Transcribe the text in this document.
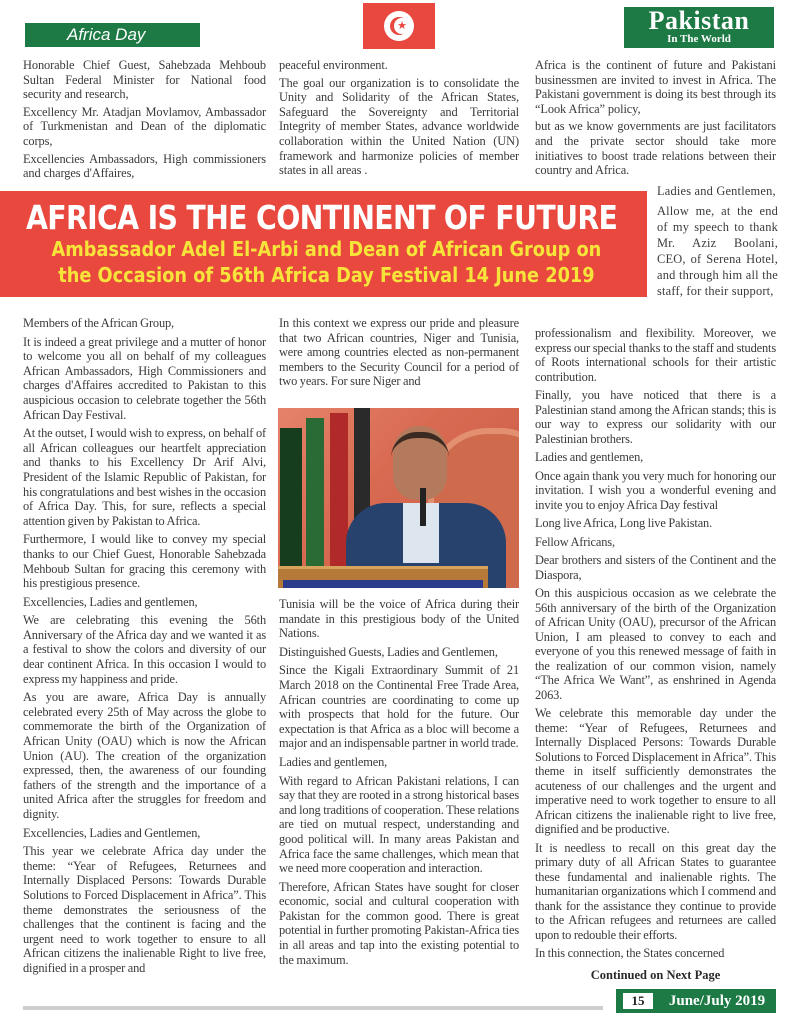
Africa Day	★	Pakistan
In The World

Honorable Chief Guest, Sahebzada Mehboub Sultan Federal Minister for National food security and research,

Excellency Mr. Atadjan Movlamov, Ambassador of Turkmenistan and Dean of the diplomatic corps,

Excellencies Ambassadors, High commissioners and charges d'Affaires,

peaceful environment.

The goal our organization is to consolidate the Unity and Solidarity of the African States, Safeguard the Sovereignty and Territorial Integrity of member States, advance worldwide collaboration within the United Nation (UN) framework and harmonize policies of member states in all areas .

Africa is the continent of future and Pakistani businessmen are invited to invest in Africa. The Pakistani government is doing its best through its “Look Africa” policy,

but as we know governments are just facilitators and the private sector should take more initiatives to boost trade relations between their country and Africa.

AFRICA IS THE CONTINENT OF FUTURE
Ambassador Adel El-Arbi and Dean of African Group on
the Occasion of 56th Africa Day Festival 14 June 2019

Ladies and Gentlemen,

Allow me, at the end of my speech to thank Mr. Aziz Boolani, CEO, of Serena Hotel, and through him all the staff, for their support,

Members of the African Group,

It is indeed a great privilege and a mutter of honor to welcome you all on behalf of my colleagues African Ambassadors, High Commissioners and charges d'Affaires accredited to Pakistan to this auspicious occasion to celebrate together the 56th African Day Festival.

At the outset, I would wish to express, on behalf of all African colleagues our heartfelt appreciation and thanks to his Excellency Dr Arif Alvi, President of the Islamic Republic of Pakistan, for his congratulations and best wishes in the occasion of Africa Day. This, for sure, reflects a special attention given by Pakistan to Africa.

Furthermore, I would like to convey my special thanks to our Chief Guest, Honorable Sahebzada Mehboub Sultan for gracing this ceremony with his prestigious presence.

Excellencies, Ladies and gentlemen,

We are celebrating this evening the 56th Anniversary of the Africa day and we wanted it as a festival to show the colors and diversity of our dear continent Africa. In this occasion I would to express my happiness and pride.

As you are aware, Africa Day is annually celebrated every 25th of May across the globe to commemorate the birth of the Organization of African Unity (OAU) which is now the African Union (AU). The creation of the organization expressed, then, the awareness of our founding fathers of the strength and the importance of a united Africa after the struggles for freedom and dignity.

Excellencies, Ladies and Gentlemen,

This year we celebrate Africa day under the theme: “Year of Refugees, Returnees and Internally Displaced Persons: Towards Durable Solutions to Forced Displacement in Africa”. This theme demonstrates the seriousness of the challenges that the continent is facing and the urgent need to work together to ensure to all African citizens the inalienable Right to live free, dignified in a prosper and

In this context we express our pride and pleasure that two African countries, Niger and Tunisia, were among countries elected as non-permanent members to the Security Council for a period of two years. For sure Niger and

Tunisia will be the voice of Africa during their mandate in this prestigious body of the United Nations.

Distinguished Guests, Ladies and Gentlemen,

Since the Kigali Extraordinary Summit of 21 March 2018 on the Continental Free Trade Area, African countries are coordinating to come up with prospects that hold for the future. Our expectation is that Africa as a bloc will become a major and an indispensable partner in world trade.

Ladies and gentlemen,

With regard to African Pakistani relations, I can say that they are rooted in a strong historical bases and long traditions of cooperation. These relations are tied on mutual respect, understanding and good political will. In many areas Pakistan and Africa face the same challenges, which mean that we need more cooperation and interaction.

Therefore, African States have sought for closer economic, social and cultural cooperation with Pakistan for the common good. There is great potential in further promoting Pakistan-Africa ties in all areas and tap into the existing potential to the maximum.

professionalism and flexibility. Moreover, we express our special thanks to the staff and students of Roots international schools for their artistic contribution.

Finally, you have noticed that there is a Palestinian stand among the African stands; this is our way to express our solidarity with our Palestinian brothers.

Ladies and gentlemen,

Once again thank you very much for honoring our invitation. I wish you a wonderful evening and invite you to enjoy Africa Day festival

Long live Africa, Long live Pakistan.

Fellow Africans,

Dear brothers and sisters of the Continent and the Diaspora,

On this auspicious occasion as we celebrate the 56th anniversary of the birth of the Organization of African Unity (OAU), precursor of the African Union, I am pleased to convey to each and everyone of you this renewed message of faith in the realization of our common vision, namely “The Africa We Want”, as enshrined in Agenda 2063.

We celebrate this memorable day under the theme: “Year of Refugees, Returnees and Internally Displaced Persons: Towards Durable Solutions to Forced Displacement in Africa”. This theme in itself sufficiently demonstrates the acuteness of our challenges and the urgent and imperative need to work together to ensure to all African citizens the inalienable right to live free, dignified and be productive.

It is needless to recall on this great day the primary duty of all African States to guarantee these fundamental and inalienable rights. The humanitarian organizations which I commend and thank for the assistance they continue to provide to the African refugees and returnees are called upon to redouble their efforts.

In this connection, the States concerned

Continued on Next Page
15	June/July 2019
